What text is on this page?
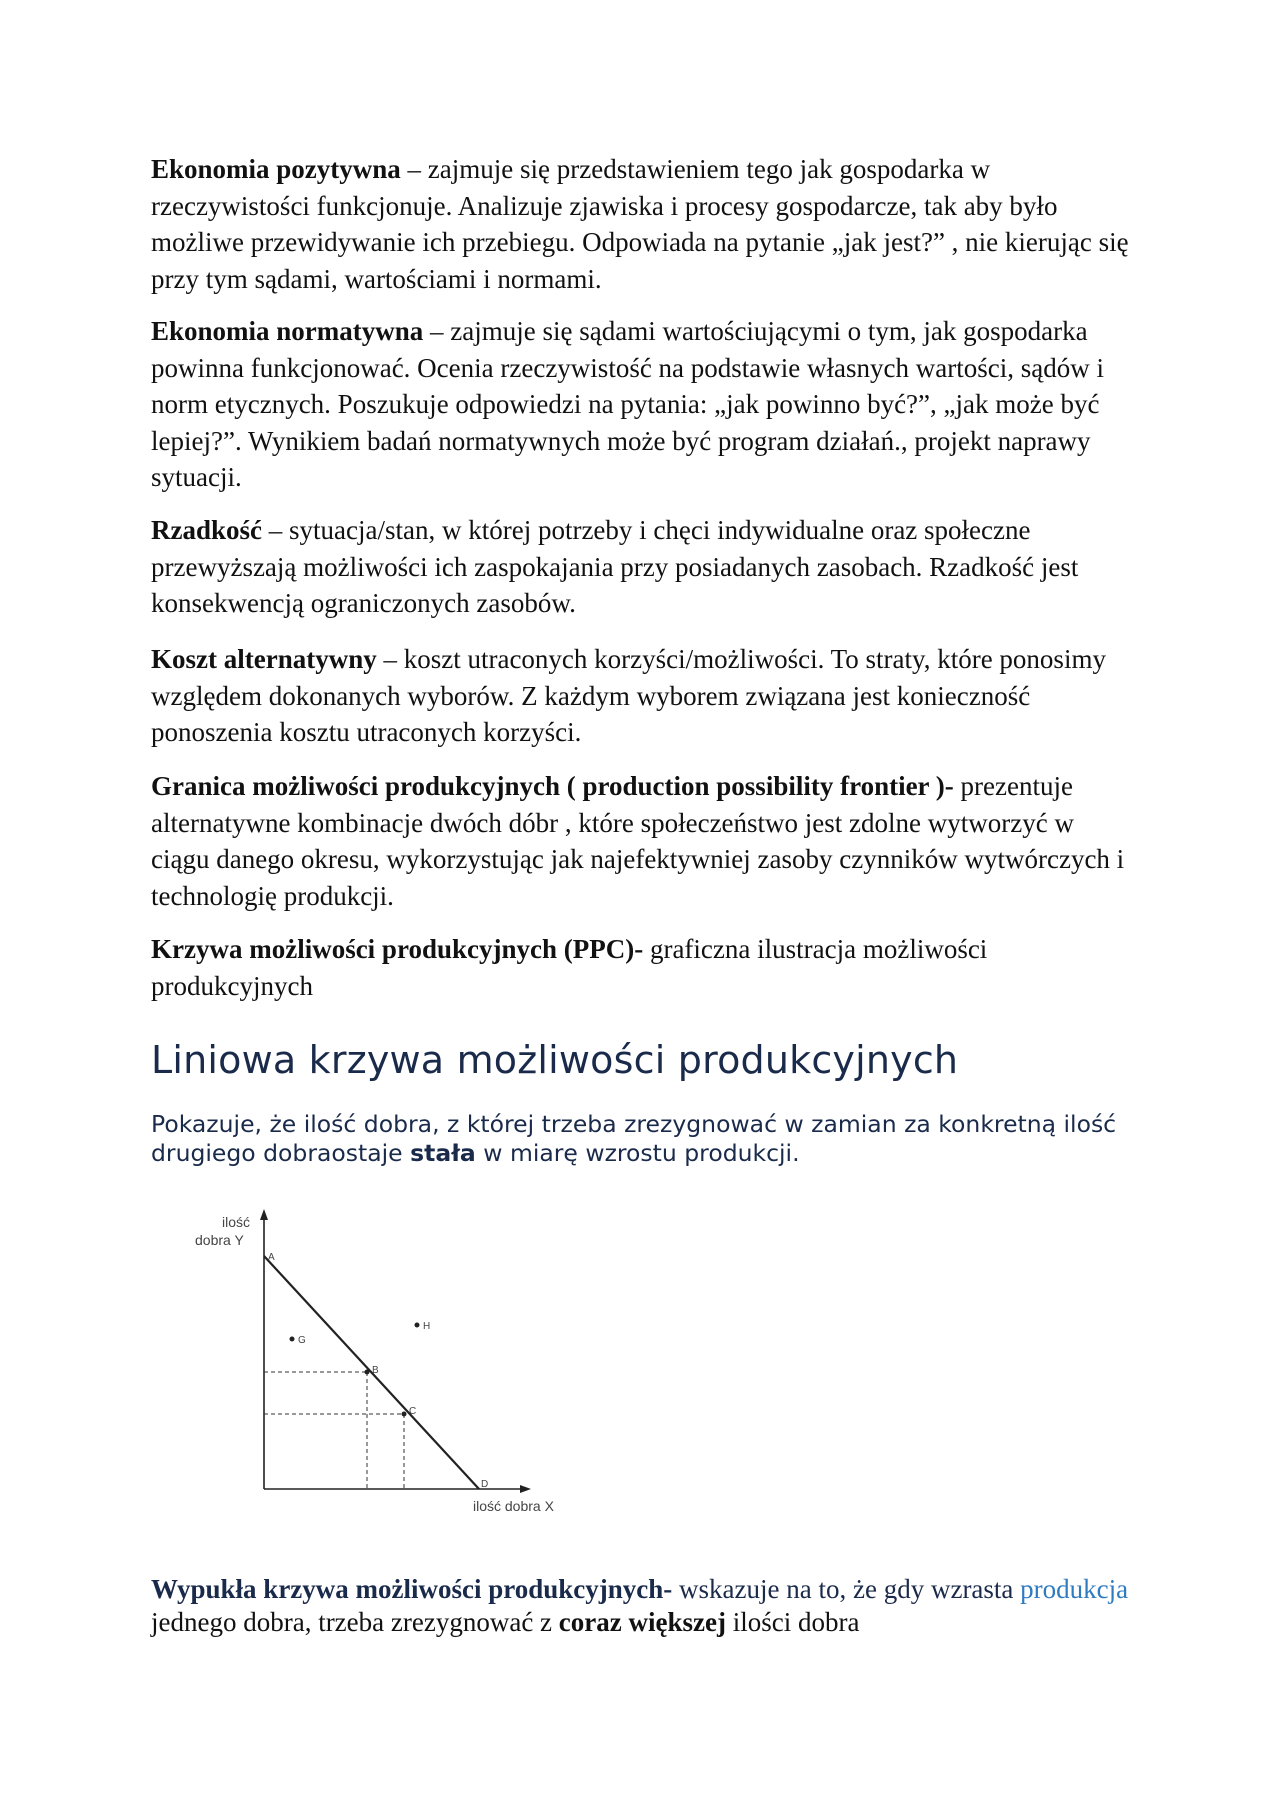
Ekonomia pozytywna – zajmuje się przedstawieniem tego jak gospodarka w rzeczywistości funkcjonuje. Analizuje zjawiska i procesy gospodarcze, tak aby było możliwe przewidywanie ich przebiegu. Odpowiada na pytanie „jak jest?” , nie kierując się przy tym sądami, wartościami i normami.

Ekonomia normatywna – zajmuje się sądami wartościującymi o tym, jak gospodarka powinna funkcjonować. Ocenia rzeczywistość na podstawie własnych wartości, sądów i norm etycznych. Poszukuje odpowiedzi na pytania: „jak powinno być?”, „jak może być lepiej?”. Wynikiem badań normatywnych może być program działań., projekt naprawy sytuacji.

Rzadkość – sytuacja/stan, w której potrzeby i chęci indywidualne oraz społeczne przewyższają możliwości ich zaspokajania przy posiadanych zasobach. Rzadkość jest konsekwencją ograniczonych zasobów.

Koszt alternatywny – koszt utraconych korzyści/możliwości. To straty, które ponosimy względem dokonanych wyborów. Z każdym wyborem związana jest konieczność ponoszenia kosztu utraconych korzyści.

Granica możliwości produkcyjnych ( production possibility frontier )- prezentuje alternatywne kombinacje dwóch dóbr , które społeczeństwo jest zdolne wytworzyć w ciągu danego okresu, wykorzystując jak najefektywniej zasoby czynników wytwórczych i technologię produkcji.

Krzywa możliwości produkcyjnych (PPC)- graficzna ilustracja możliwości produkcyjnych

Liniowa krzywa możliwości produkcyjnych

Pokazuje, że ilość dobra, z której trzeba zrezygnować w zamian za konkretną ilość drugiego dobraostaje stała w miarę wzrostu produkcji.

ilość
dobra Y
A
B
C
D
G
H
ilość dobra X

Wypukła krzywa możliwości produkcyjnych- wskazuje na to, że gdy wzrasta produkcja jednego dobra, trzeba zrezygnować z coraz większej ilości dobra
